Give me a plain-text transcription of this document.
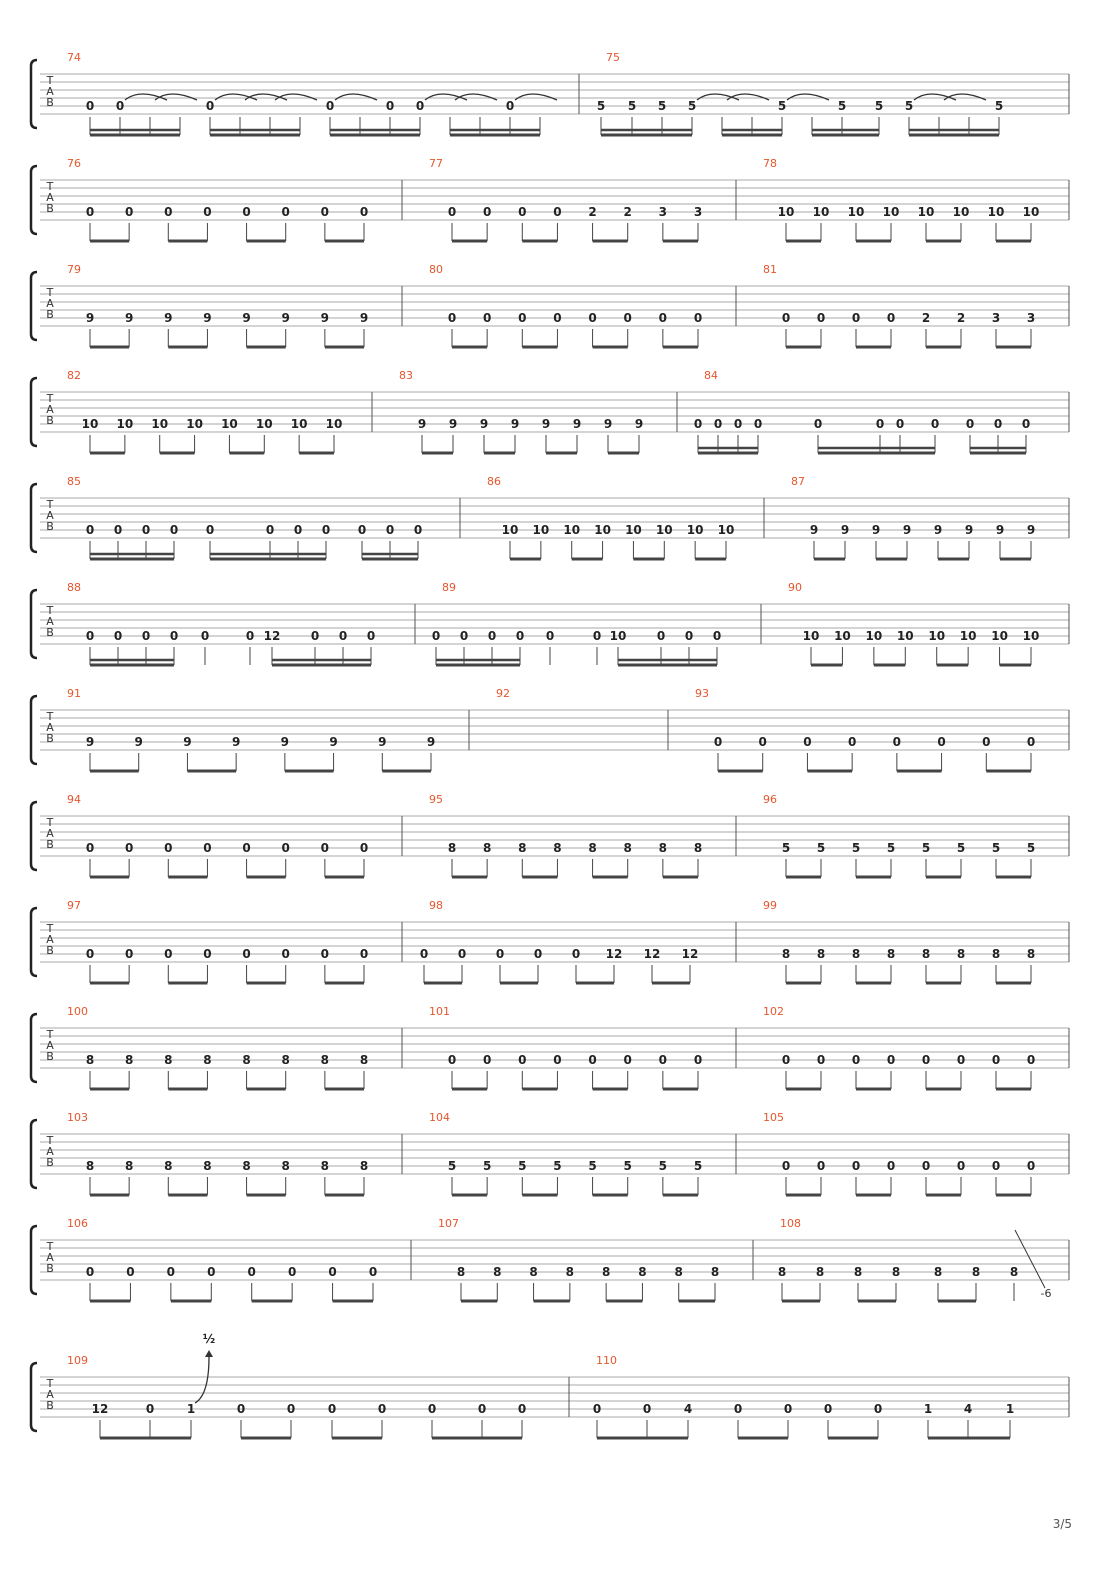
T
A
B
74
0 0	0	0	0 0	0
75
5 5 5 5	5	5 5 5	5
T
A
B
76
0	0	0	0	0	0	0	0
77
0 0 0 0 2 2 3 3
78
10 10 10 10 10 10 10 10
T
A
B
79
9	9	9	9	9	9	9	9
80
0 0 0 0 0 0 0 0
81
0 0 0 0 2 2 3 3
T
A
B
82
10 10 10 10 10 10 10 10
83
9 9 9 9 9 9 9 9
84
0 0 0 0	0	0 0 0 0 0 0
T
A
B
85
0 0 0 0 0	0 0 0 0 0 0
86
10 10 10 10 10 10 10 10
87
9 9 9 9 9 9 9 9
T
A
B
88
0 0 0 0 0	0 12	0 0 0
89
0 0 0 0 0	0 10	0 0 0
90
10 10 10 10 10 10 10 10
T
A
B
91
9	9	9	9	9	9	9	9
92	93
0	0	0	0	0	0	0	0
T
A
B
94
0	0	0	0	0	0	0	0
95
8 8 8 8 8 8 8 8
96
5 5 5 5 5 5 5 5
T
A
B
97
0	0	0	0	0	0	0	0
98
0 0 0 0 0 12 12 12
99
8 8 8 8 8 8 8 8
T
A
B
100
8	8	8	8	8	8	8	8
101
0 0 0 0 0 0 0 0
102
0 0 0 0 0 0 0 0
T
A
B
103
8	8	8	8	8	8	8	8
104
5 5 5 5 5 5 5 5
105
0 0 0 0 0 0 0 0
T
A
B
106
0	0	0	0	0	0	0	0
107
8 8 8 8 8 8 8 8
108
8 8 8 8	8 8 8
T
A
B
109
12	0	1	0	0	0	0	0	0	0
110
0	0	4	0	0	0	0	1	4	1
½
-6
3/5
